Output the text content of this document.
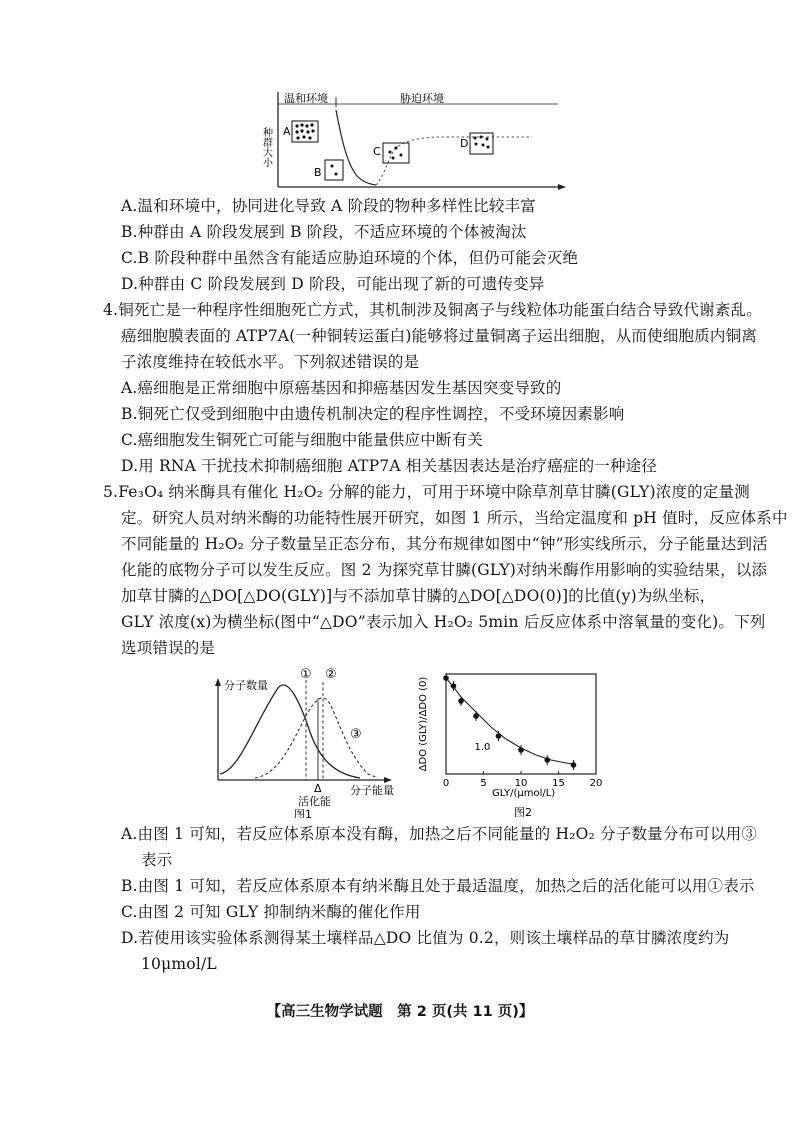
温和环境	胁迫环境
种群大小 A
B
C
D
A.温和环境中，协同进化导致 A 阶段的物种多样性比较丰富
B.种群由 A 阶段发展到 B 阶段，不适应环境的个体被淘汰
C.B 阶段种群中虽然含有能适应胁迫环境的个体，但仍可能会灭绝
D.种群由 C 阶段发展到 D 阶段，可能出现了新的可遗传变异
4.铜死亡是一种程序性细胞死亡方式，其机制涉及铜离子与线粒体功能蛋白结合导致代谢紊乱。
癌细胞膜表面的 ATP7A(一种铜转运蛋白)能够将过量铜离子运出细胞，从而使细胞质内铜离
子浓度维持在较低水平。下列叙述错误的是
A.癌细胞是正常细胞中原癌基因和抑癌基因发生基因突变导致的
B.铜死亡仅受到细胞中由遗传机制决定的程序性调控，不受环境因素影响
C.癌细胞发生铜死亡可能与细胞中能量供应中断有关
D.用 RNA 干扰技术抑制癌细胞 ATP7A 相关基因表达是治疗癌症的一种途径
5.Fe₃O₄ 纳米酶具有催化 H₂O₂ 分解的能力，可用于环境中除草剂草甘膦(GLY)浓度的定量测
定。研究人员对纳米酶的功能特性展开研究，如图 1 所示，当给定温度和 pH 值时，反应体系中
不同能量的 H₂O₂ 分子数量呈正态分布，其分布规律如图中“钟”形实线所示，分子能量达到活
化能的底物分子可以发生反应。图 2 为探究草甘膦(GLY)对纳米酶作用影响的实验结果，以添
加草甘膦的△DO[△DO(GLY)]与不添加草甘膦的△DO[△DO(0)]的比值(y)为纵坐标，
GLY 浓度(x)为横坐标(图中“△DO”表示加入 H₂O₂ 5min 后反应体系中溶氧量的变化)。下列
选项错误的是
分子数量
① ②
③
Δ
活化能
分子能量
图1
ΔDO (GLY)/ΔDO (0)
0	5	10 15 20
1.0
GLY/(μmol/L)
图2
A.由图 1 可知，若反应体系原本没有酶，加热之后不同能量的 H₂O₂ 分子数量分布可以用③
表示
B.由图 1 可知，若反应体系原本有纳米酶且处于最适温度，加热之后的活化能可以用①表示
C.由图 2 可知 GLY 抑制纳米酶的催化作用
D.若使用该实验体系测得某土壤样品△DO 比值为 0.2，则该土壤样品的草甘膦浓度约为
10μmol/L
【高三生物学试题　第 2 页(共 11 页)】
